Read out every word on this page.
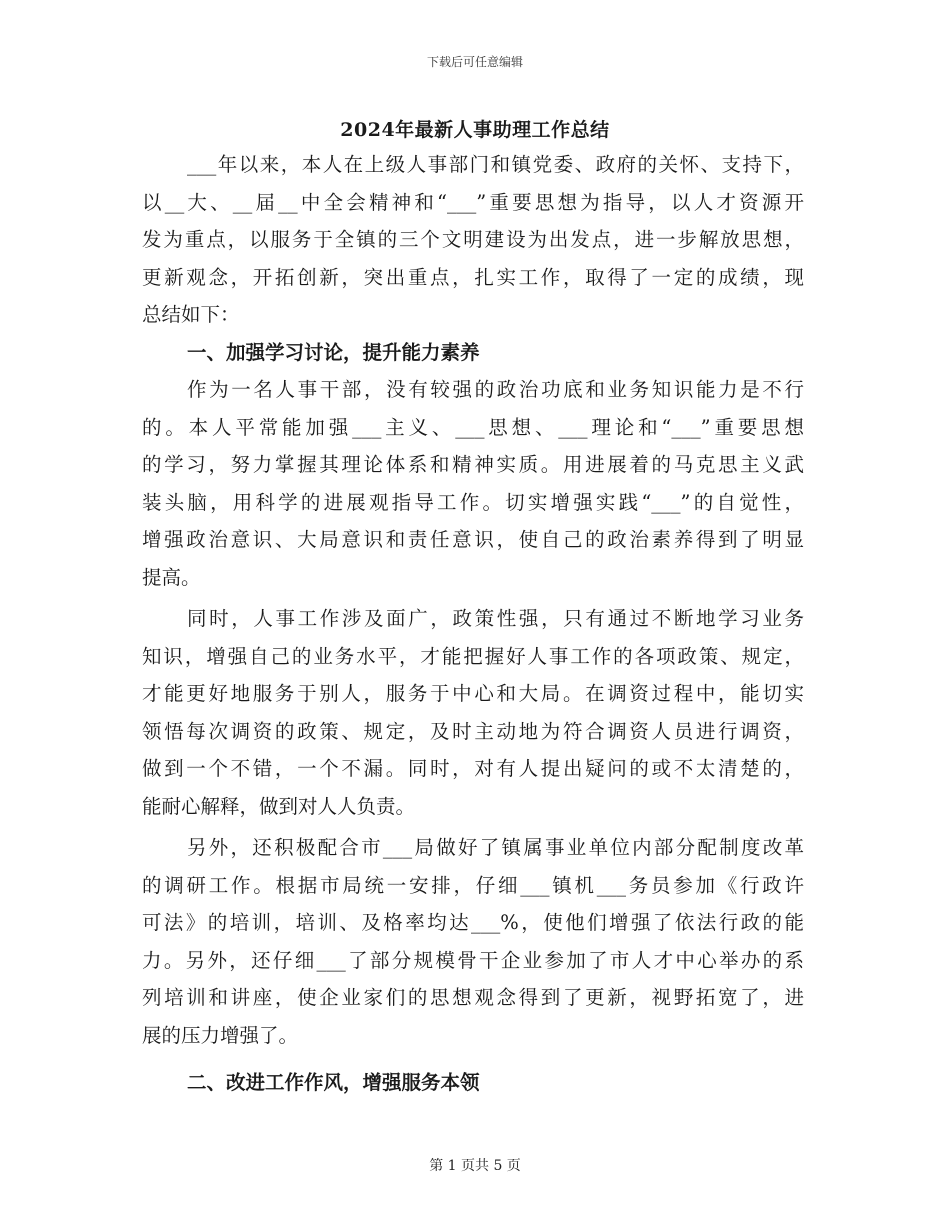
下载后可任意编辑
2024年最新人事助理工作总结
___年以来，本人在上级人事部门和镇党委、政府的关怀、支持下，
以__大、__届__中全会精神和“___”重要思想为指导，以人才资源开
发为重点，以服务于全镇的三个文明建设为出发点，进一步解放思想，
更新观念，开拓创新，突出重点，扎实工作，取得了一定的成绩，现
总结如下：
一、加强学习讨论，提升能力素养
作为一名人事干部，没有较强的政治功底和业务知识能力是不行
的。本人平常能加强___主义、___思想、___理论和“___”重要思想
的学习，努力掌握其理论体系和精神实质。用进展着的马克思主义武
装头脑，用科学的进展观指导工作。切实增强实践“___”的自觉性，
增强政治意识、大局意识和责任意识，使自己的政治素养得到了明显
提高。
同时，人事工作涉及面广，政策性强，只有通过不断地学习业务
知识，增强自己的业务水平，才能把握好人事工作的各项政策、规定，
才能更好地服务于别人，服务于中心和大局。在调资过程中，能切实
领悟每次调资的政策、规定，及时主动地为符合调资人员进行调资，
做到一个不错，一个不漏。同时，对有人提出疑问的或不太清楚的，
能耐心解释，做到对人人负责。
另外，还积极配合市___局做好了镇属事业单位内部分配制度改革
的调研工作。根据市局统一安排，仔细___镇机___务员参加《行政许
可法》的培训，培训、及格率均达___%，使他们增强了依法行政的能
力。另外，还仔细___了部分规模骨干企业参加了市人才中心举办的系
列培训和讲座，使企业家们的思想观念得到了更新，视野拓宽了，进
展的压力增强了。
二、改进工作作风，增强服务本领
第 1 页共 5 页
